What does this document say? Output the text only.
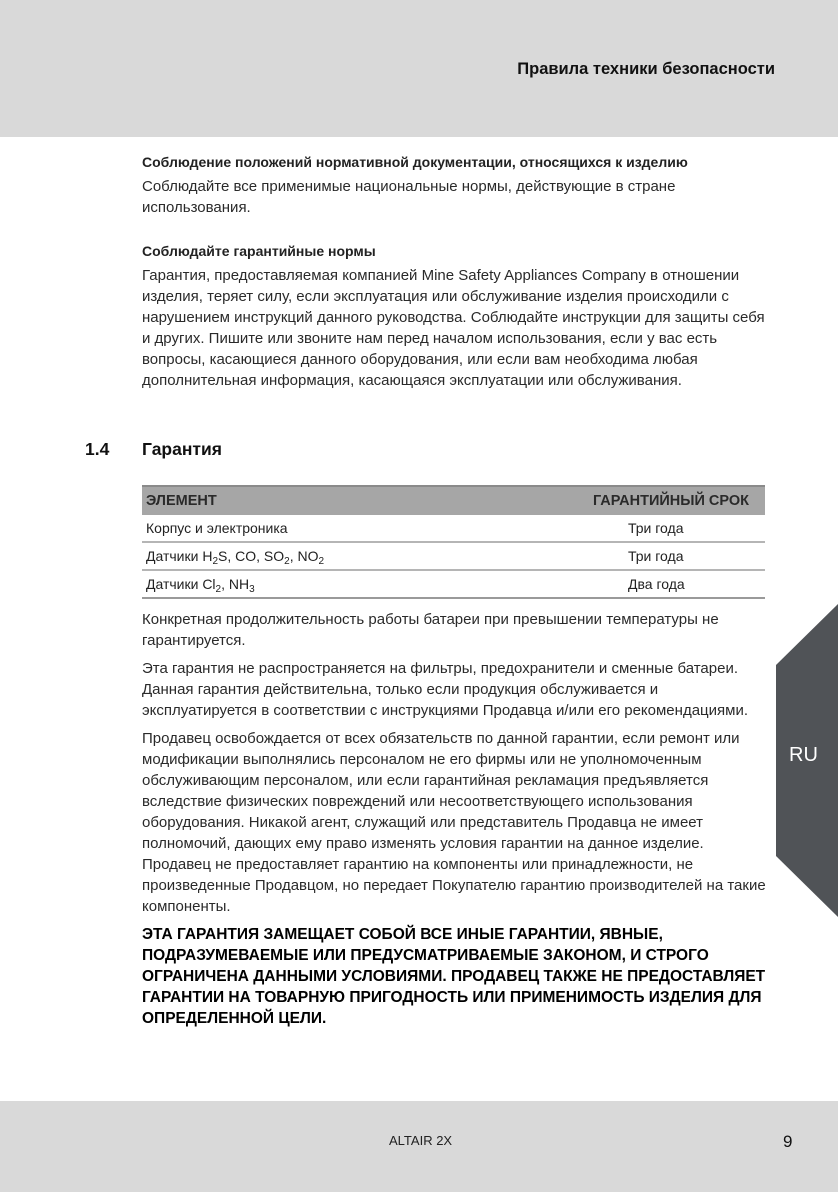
Правила техники безопасности
Соблюдение положений нормативной документации, относящихся к изделию
Соблюдайте все применимые национальные нормы, действующие в стране использования.
Соблюдайте гарантийные нормы
Гарантия, предоставляемая компанией Mine Safety Appliances Company в отношении изделия, теряет силу, если эксплуатация или обслуживание изделия происходили с нарушением инструкций данного руководства. Соблюдайте инструкции для защиты себя и других. Пишите или звоните нам перед началом использования, если у вас есть вопросы, касающиеся данного оборудования, или если вам необходима любая дополнительная информация, касающаяся эксплуатации или обслуживания.
1.4 Гарантия
ЭЛЕМЕНТ	ГАРАНТИЙНЫЙ СРОК
Корпус и электроника	Три года
Датчики $H_2S$, CO, $SO_2$, $NO_2$	Три года
Датчики $Cl_2$, $NH_3$	Два года
Конкретная продолжительность работы батареи при превышении температуры не гарантируется.
Эта гарантия не распространяется на фильтры, предохранители и сменные батареи. Данная гарантия действительна, только если продукция обслуживается и эксплуатируется в соответствии с инструкциями Продавца и/или его рекомендациями.
Продавец освобождается от всех обязательств по данной гарантии, если ремонт или модификации выполнялись персоналом не его фирмы или не уполномоченным обслуживающим персоналом, или если гарантийная рекламация предъявляется вследствие физических повреждений или несоответствующего использования оборудования. Никакой агент, служащий или представитель Продавца не имеет полномочий, дающих ему право изменять условия гарантии на данное изделие. Продавец не предоставляет гарантию на компоненты или принадлежности, не произведенные Продавцом, но передает Покупателю гарантию производителей на такие компоненты.
ЭТА ГАРАНТИЯ ЗАМЕЩАЕТ СОБОЙ ВСЕ ИНЫЕ ГАРАНТИИ, ЯВНЫЕ, ПОДРАЗУМЕВАЕМЫЕ ИЛИ ПРЕДУСМАТРИВАЕМЫЕ ЗАКОНОМ, И СТРОГО ОГРАНИЧЕНА ДАННЫМИ УСЛОВИЯМИ. ПРОДАВЕЦ ТАКЖЕ НЕ ПРЕДОСТАВЛЯЕТ ГАРАНТИИ НА ТОВАРНУЮ ПРИГОДНОСТЬ ИЛИ ПРИМЕНИМОСТЬ ИЗДЕЛИЯ ДЛЯ ОПРЕДЕЛЕННОЙ ЦЕЛИ.
RU
ALTAIR 2X	9
